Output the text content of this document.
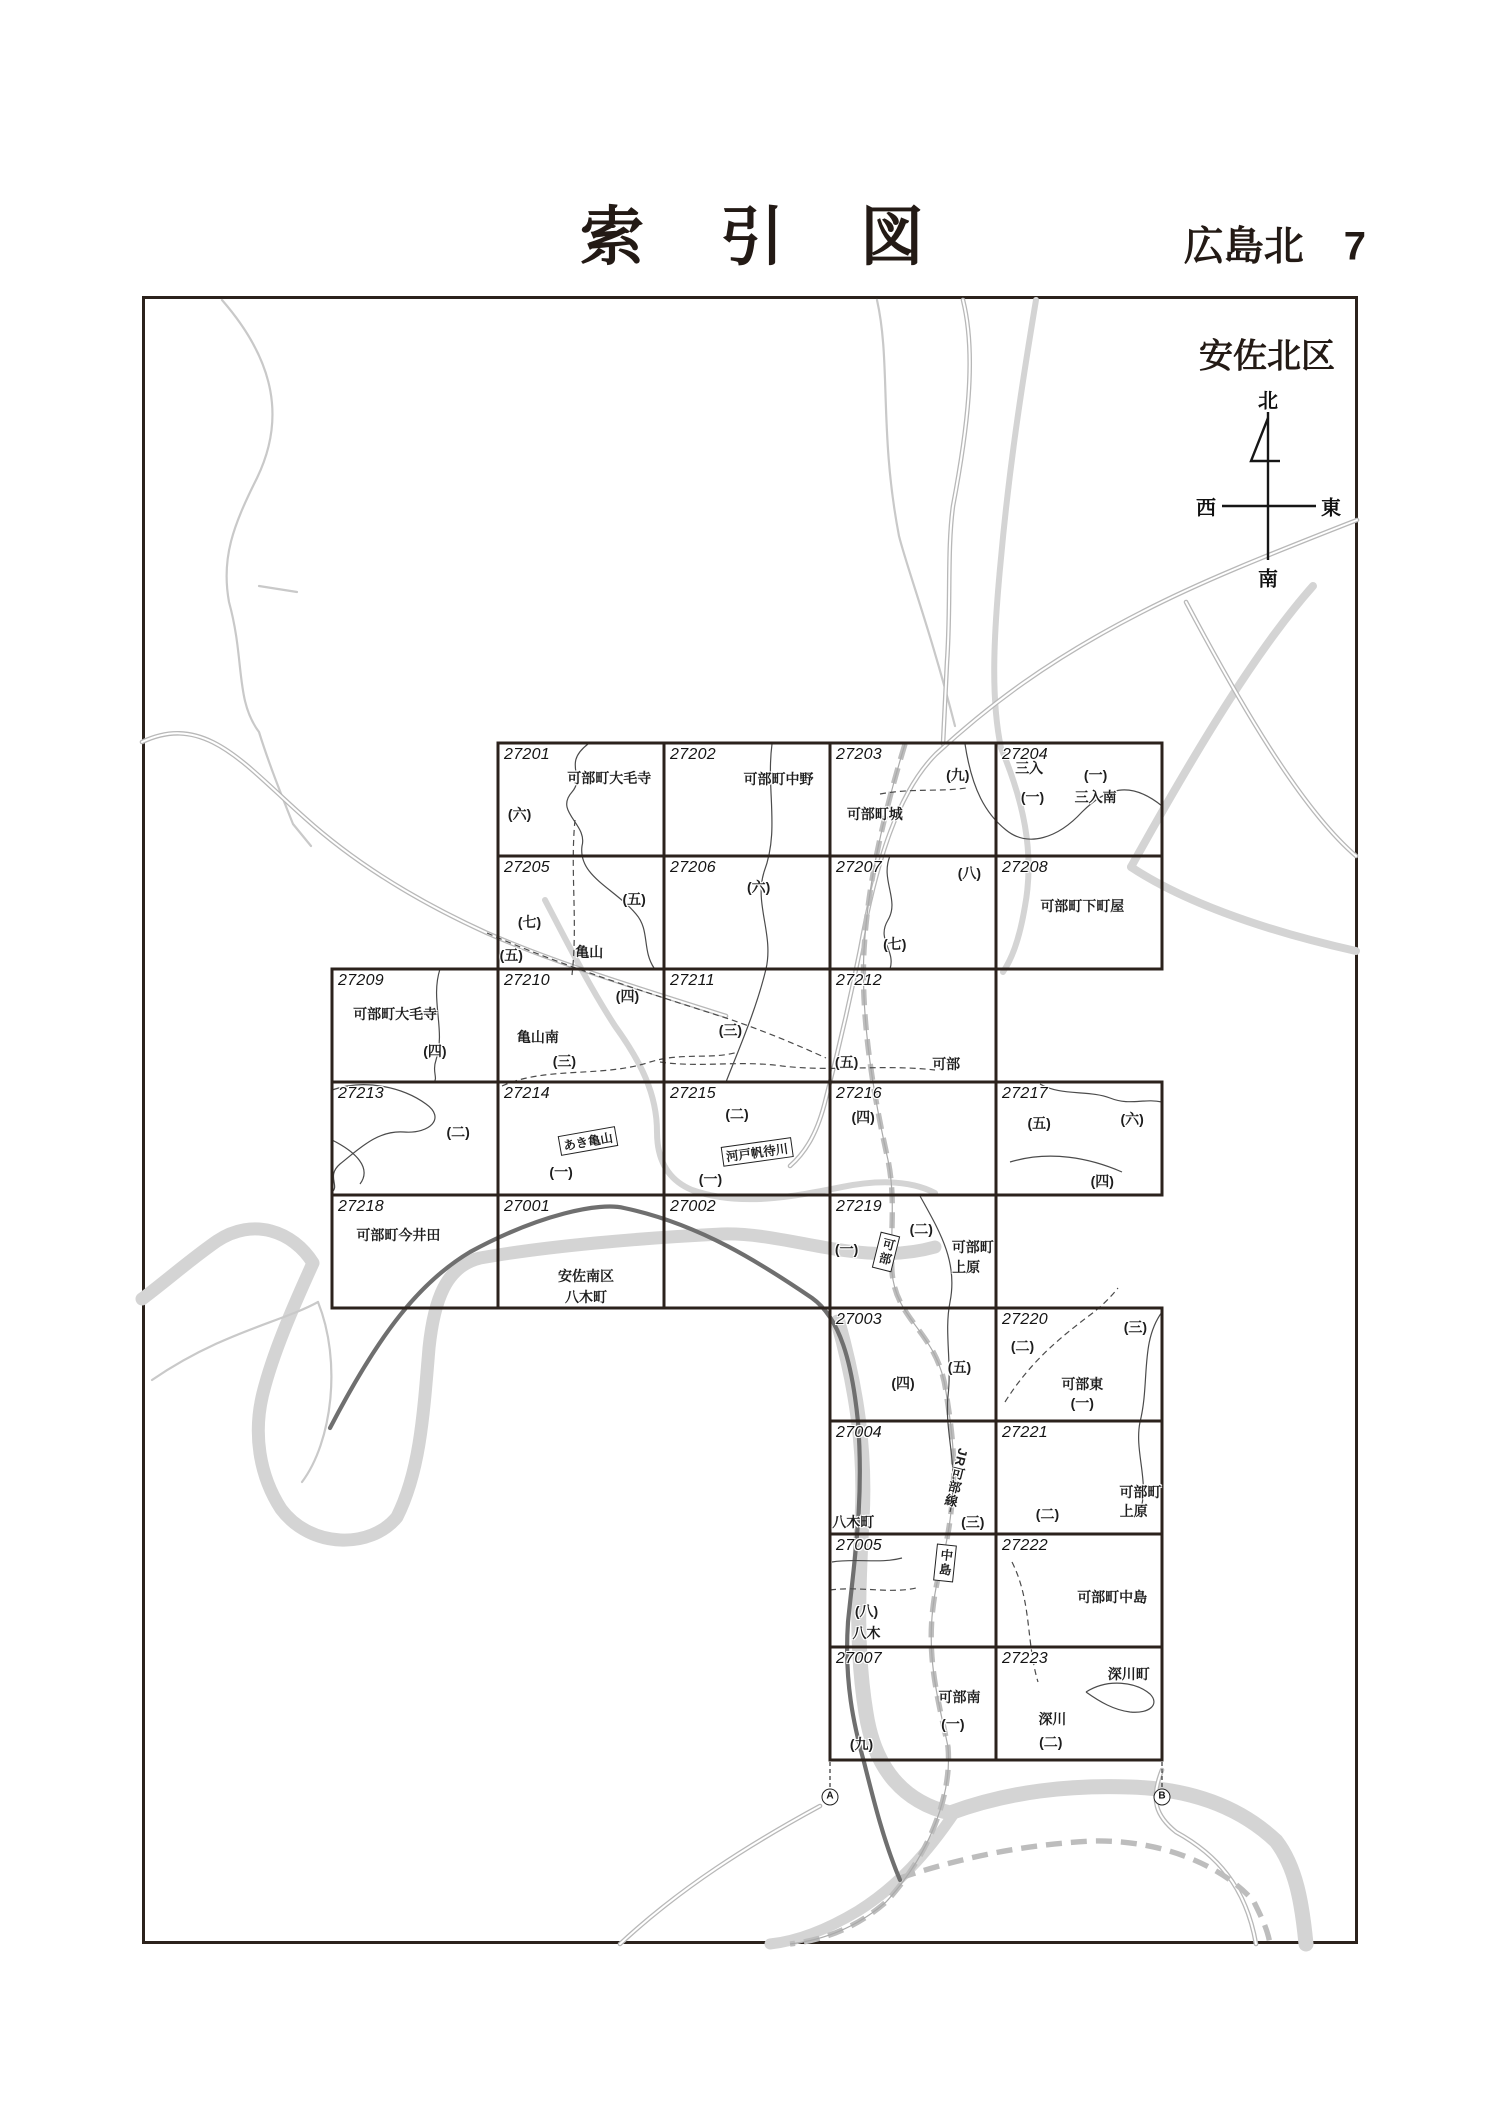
索　引　図	広島北　7
安佐北区
北
南
西	東
27201
可部町大毛寺
(六)
27202
可部町中野
27203
(九)
可部町城
27204
三入
(一)
(一)
三入南
27205
(五)
(七)
(五)	亀山
27206
(六)
27207	(八)
(七)
27208
可部町下町屋
27209
可部町大毛寺
(四)
27210
(四)
亀山南
(三)
27211
(三)
27212
(五)	可部
27213
(二)
27214
あき亀山
(一)
27215
(二)
河戸帆待川
(一)
27216
(四)
27217
(五)	(六)
(四)
27218
可部町今井田
27001
安佐南区
八木町
27002	27219
(一)	可部
(二)
可部町
上原
27003
(四)
(五)
27220
(二)
(三)
可部東
(一)
27004
JR可部線
八木町	(三)
27221
(二)
可部町
上原
27005
中島
(八)
八木
27222
可部町中島
27007
可部南
(一)
(九)
27223
深川町
深川
(二)
A	B
